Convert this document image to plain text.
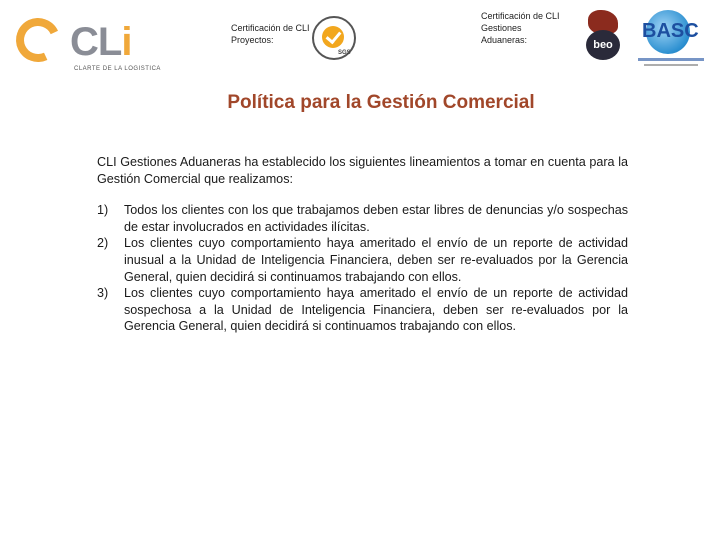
CLi
CLARTE DE LA LOGISTICA
Certificación de CLI Proyectos:
SGS
Certificación de CLI Gestiones Aduaneras:	beo
BASC
Política para la Gestión Comercial

CLI Gestiones Aduaneras ha establecido los siguientes lineamientos a tomar en cuenta para la Gestión Comercial que realizamos:

1)	Todos los clientes con los que trabajamos deben estar libres de denuncias y/o sospechas de estar involucrados en actividades ilícitas.
2)	Los clientes cuyo comportamiento haya ameritado el envío de un reporte de actividad inusual a la Unidad de Inteligencia Financiera, deben ser re-evaluados por la Gerencia General, quien decidirá si continuamos trabajando con ellos.
3)	Los clientes cuyo comportamiento haya ameritado el envío de un reporte de actividad sospechosa a la Unidad de Inteligencia Financiera, deben ser re-evaluados por la Gerencia General, quien decidirá si continuamos trabajando con ellos.
